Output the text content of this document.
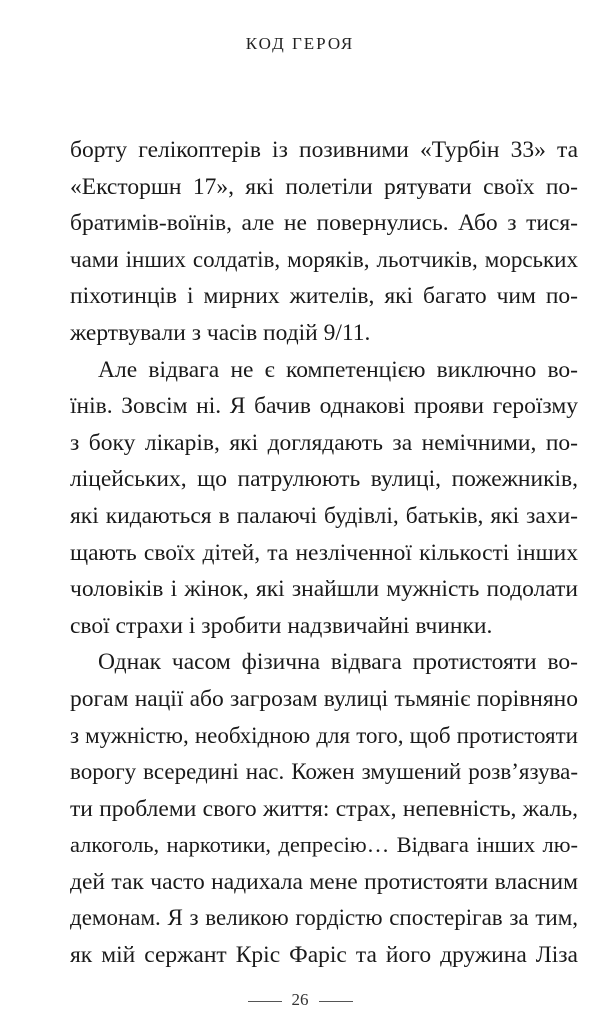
КОД ГЕРОЯ
бортy гелікоптерів із позивними «Турбін 33» та
«Ексторшн 17», які полетіли рятувати своїх по-
братимів-воїнів, але не повернулись. Або з тися-
чами інших солдатів, моряків, льотчиків, морських
піхотинців і мирних жителів, які багато чим по-
жертвували з часів подій 9/11.
Але відвага не є компетенцією виключно во-
їнів. Зовсім ні. Я бачив однакові прояви героїзму
з боку лікарів, які доглядають за немічними, по-
ліцейських, що патрулюють вулиці, пожежників,
які кидаються в палаючі будівлі, батьків, які захи-
щають своїх дітей, та незліченної кількості інших
чоловіків і жінок, які знайшли мужність подолати
свої страхи і зробити надзвичайні вчинки.
Однак часом фізична відвага протистояти во-
рогам нації або загрозам вулиці тьмяніє порівняно
з мужністю, необхідною для того, щоб протистояти
ворогу всередині нас. Кожен змушений розв’язува-
ти проблеми свого життя: страх, непевність, жаль,
алкоголь, наркотики, депресію… Відвага інших лю-
дей так часто надихала мене протистояти власним
демонам. Я з великою гордістю спостерігав за тим,
як мій сержант Кріс Фаріс та його дружина Ліза
26
